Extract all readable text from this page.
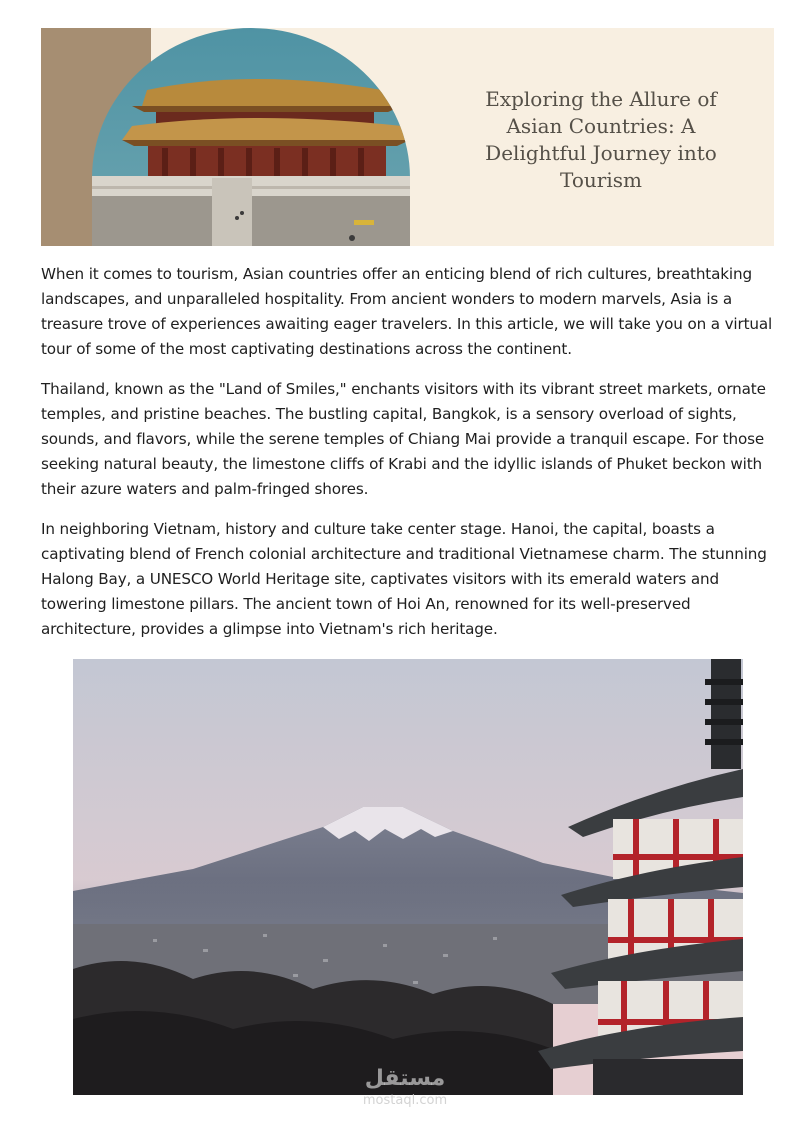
Exploring the Allure of Asian Countries: A Delightful Journey into Tourism

When it comes to tourism, Asian countries offer an enticing blend of rich cultures, breathtaking landscapes, and unparalleled hospitality. From ancient wonders to modern marvels, Asia is a treasure trove of experiences awaiting eager travelers. In this article, we will take you on a virtual tour of some of the most captivating destinations across the continent.

Thailand, known as the "Land of Smiles," enchants visitors with its vibrant street markets, ornate temples, and pristine beaches. The bustling capital, Bangkok, is a sensory overload of sights, sounds, and flavors, while the serene temples of Chiang Mai provide a tranquil escape. For those seeking natural beauty, the limestone cliffs of Krabi and the idyllic islands of Phuket beckon with their azure waters and palm-fringed shores.

In neighboring Vietnam, history and culture take center stage. Hanoi, the capital, boasts a captivating blend of French colonial architecture and traditional Vietnamese charm. The stunning Halong Bay, a UNESCO World Heritage site, captivates visitors with its emerald waters and towering limestone pillars. The ancient town of Hoi An, renowned for its well-preserved architecture, provides a glimpse into Vietnam's rich heritage.

مستقل
mostaql.com
